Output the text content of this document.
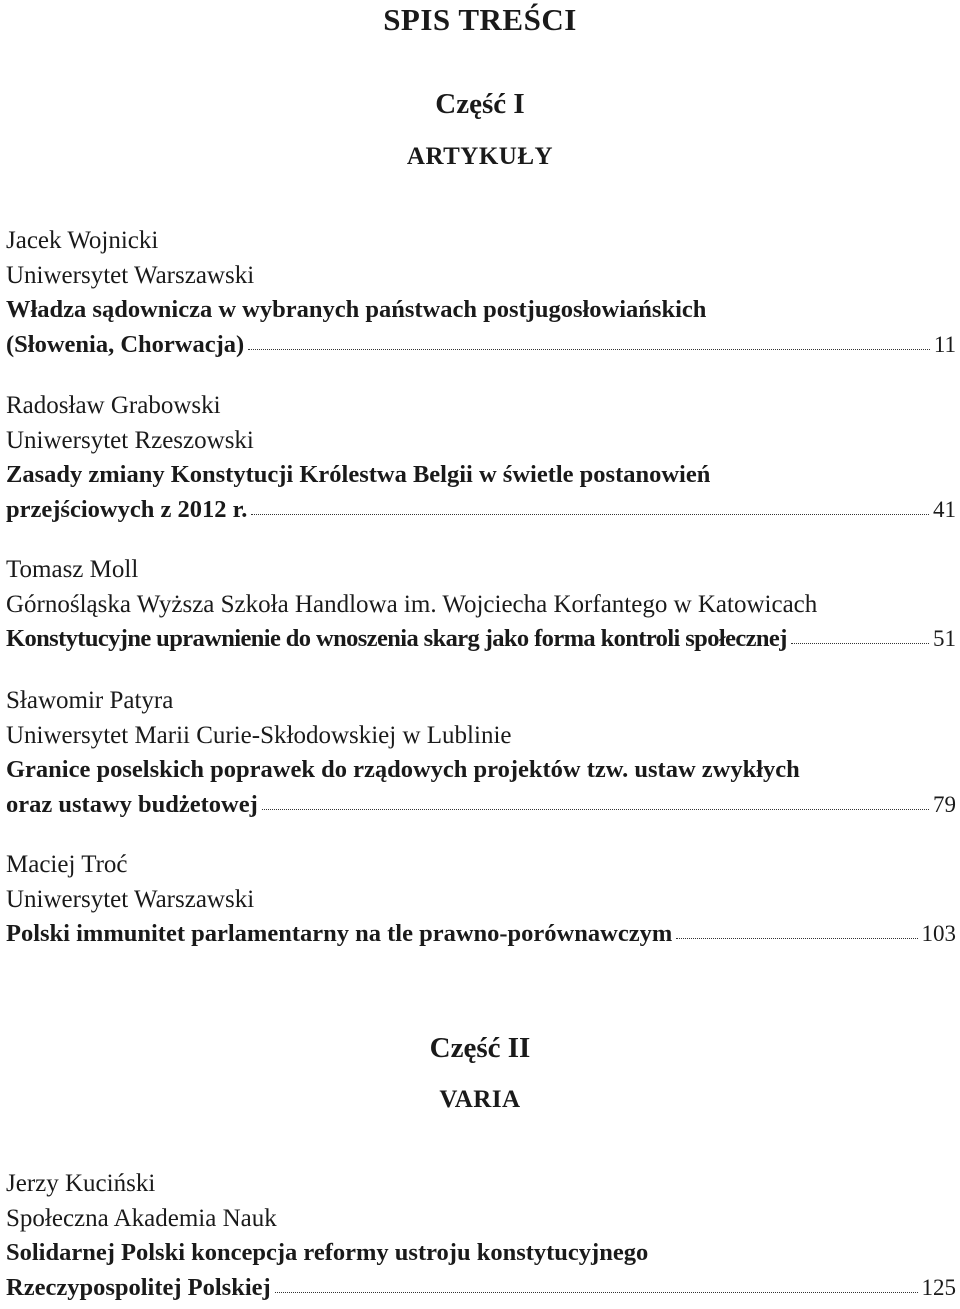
SPIS TREŚCI
Część I
ARTYKUŁY
Jacek Wojnicki
Uniwersytet Warszawski
Władza sądownicza w wybranych państwach postjugosłowiańskich
(Słowenia, Chorwacja)	11
Radosław Grabowski
Uniwersytet Rzeszowski
Zasady zmiany Konstytucji Królestwa Belgii w świetle postanowień
przejściowych z 2012 r.	41
Tomasz Moll
Górnośląska Wyższa Szkoła Handlowa im. Wojciecha Korfantego w Katowicach
Konstytucyjne uprawnienie do wnoszenia skarg jako forma kontroli społecznej	51
Sławomir Patyra
Uniwersytet Marii Curie-Skłodowskiej w Lublinie
Granice poselskich poprawek do rządowych projektów tzw. ustaw zwykłych
oraz ustawy budżetowej	79
Maciej Troć
Uniwersytet Warszawski
Polski immunitet parlamentarny na tle prawno-porównawczym	103
Część II
VARIA
Jerzy Kuciński
Społeczna Akademia Nauk
Solidarnej Polski koncepcja reformy ustroju konstytucyjnego
Rzeczypospolitej Polskiej	125
